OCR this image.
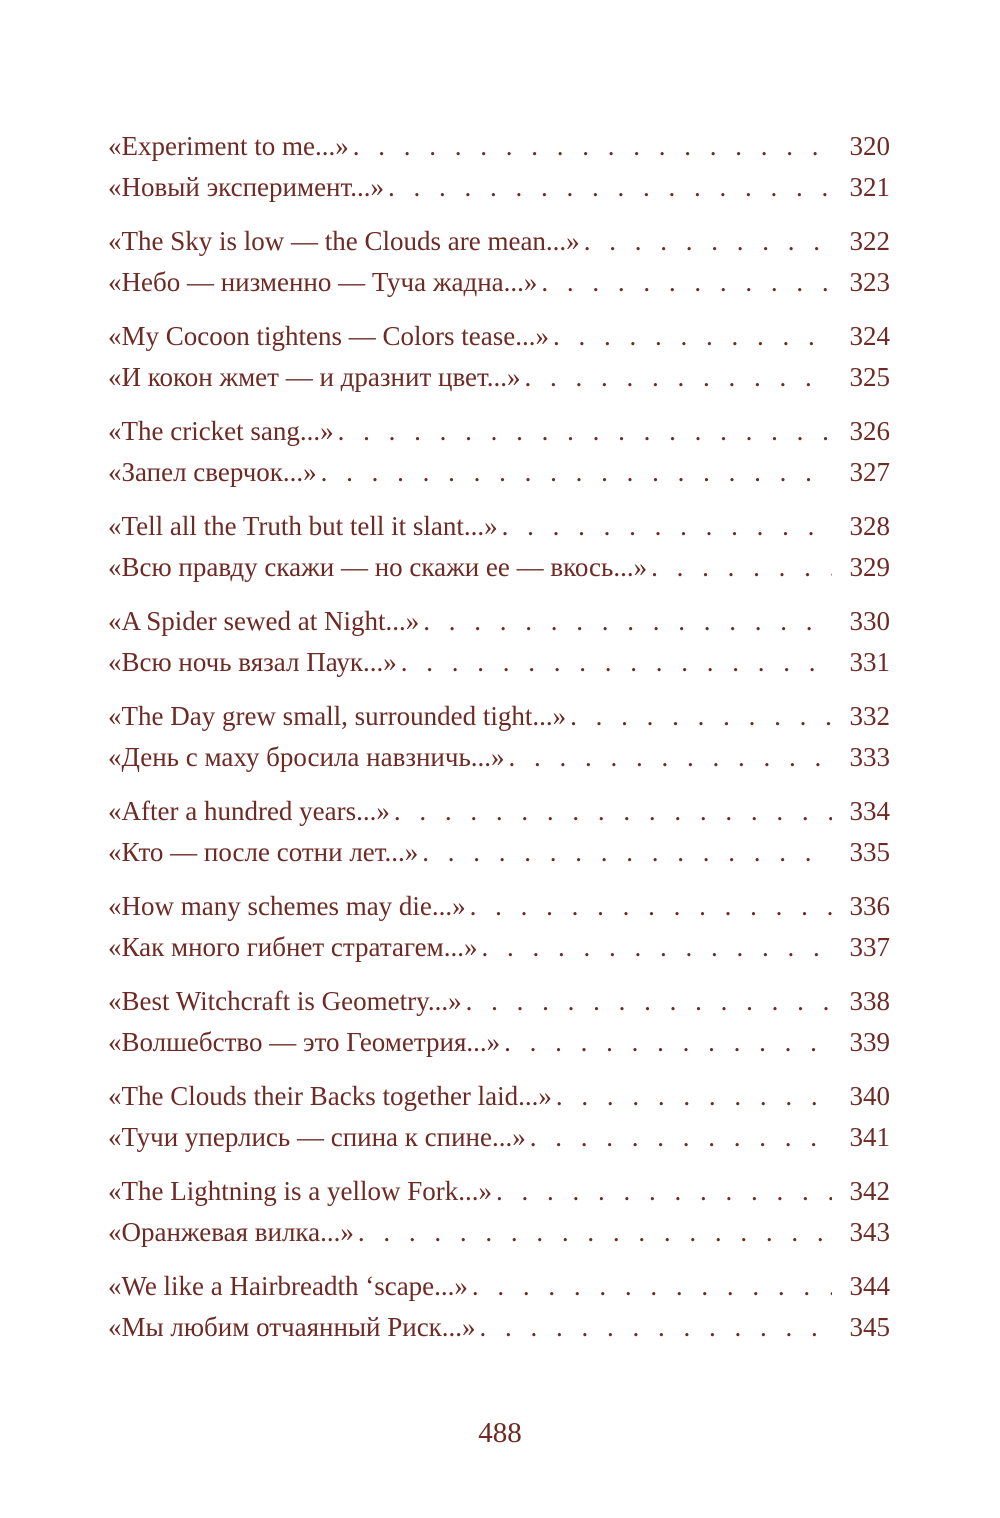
«Experiment to me...» . . .	320
«Новый эксперимент...» . . .	321
«The Sky is low — the Clouds are mean...» . . .	322
«Небо — низменно — Туча жадна...» . . .	323
«My Cocoon tightens — Colors tease...» . . .	324
«И кокон жмет — и дразнит цвет...» . . .	325
«The cricket sang...» . . .	326
«Запел сверчок...» . . .	327
«Tell all the Truth but tell it slant...» . . .	328
«Всю правду скажи — но скажи ее — вкось...» . . .	329
«A Spider sewed at Night...» . . .	330
«Всю ночь вязал Паук...» . . .	331
«The Day grew small, surrounded tight...» . . .	332
«День с маху бросила навзничь...» . . .	333
«After a hundred years...» . . .	334
«Кто — после сотни лет...» . . .	335
«How many schemes may die...» . . .	336
«Как много гибнет стратагем...» . . .	337
«Best Witchcraft is Geometry...» . . .	338
«Волшебство — это Геометрия...» . . .	339
«The Clouds their Backs together laid...» . . .	340
«Тучи уперлись — спина к спине...» . . .	341
«The Lightning is a yellow Fork...» . . .	342
«Оранжевая вилка...» . . .	343
«We like a Hairbreadth ‘scape...» . . .	344
«Мы любим отчаянный Риск...» . . .	345
488
